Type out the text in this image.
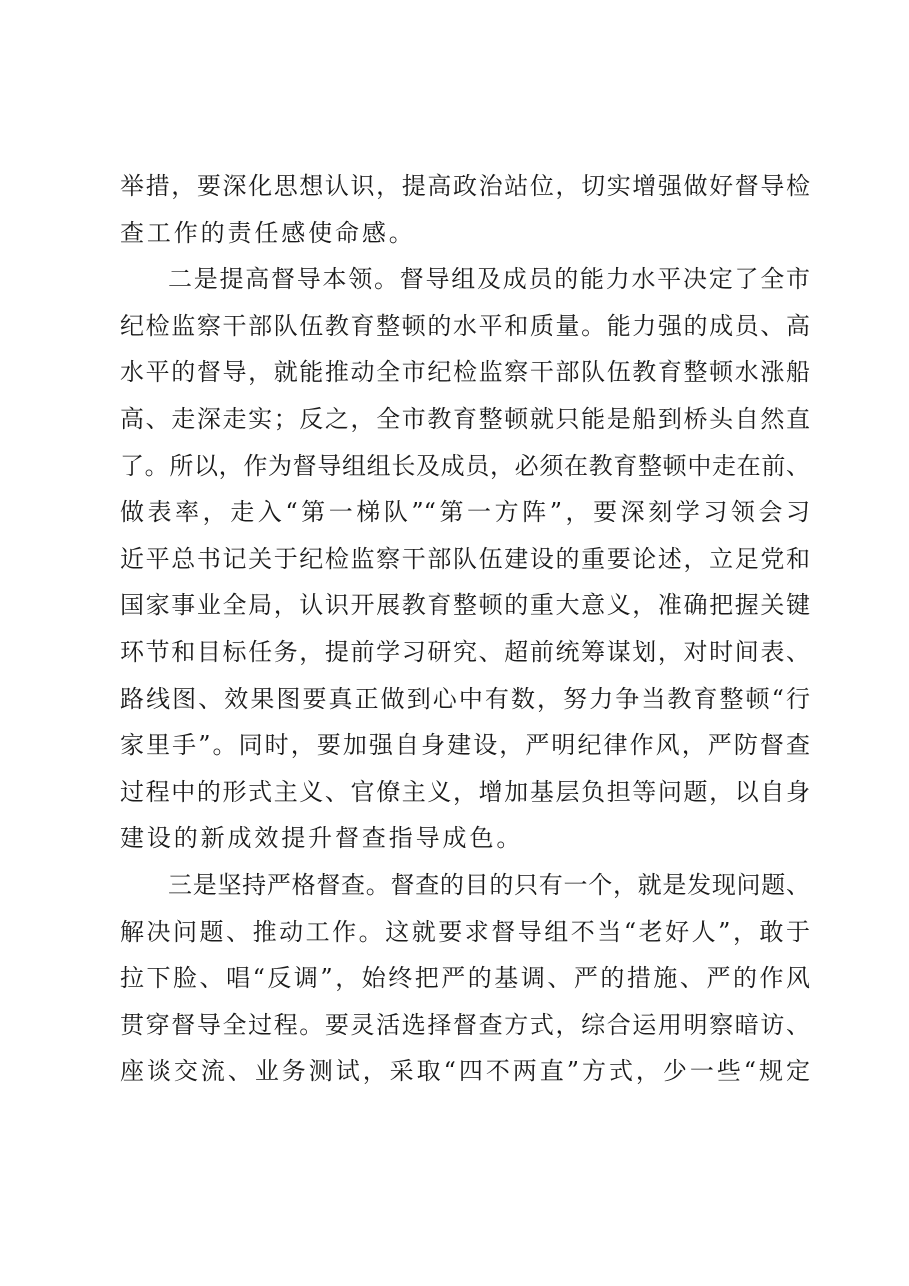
举措，要深化思想认识，提高政治站位，切实增强做好督导检
查工作的责任感使命感。
二是提高督导本领。督导组及成员的能力水平决定了全市
纪检监察干部队伍教育整顿的水平和质量。能力强的成员、高
水平的督导，就能推动全市纪检监察干部队伍教育整顿水涨船
高、走深走实；反之，全市教育整顿就只能是船到桥头自然直
了。所以，作为督导组组长及成员，必须在教育整顿中走在前、
做表率，走入“第一梯队”“第一方阵”，要深刻学习领会习
近平总书记关于纪检监察干部队伍建设的重要论述，立足党和
国家事业全局，认识开展教育整顿的重大意义，准确把握关键
环节和目标任务，提前学习研究、超前统筹谋划，对时间表、
路线图、效果图要真正做到心中有数，努力争当教育整顿“行
家里手”。同时，要加强自身建设，严明纪律作风，严防督查
过程中的形式主义、官僚主义，增加基层负担等问题，以自身
建设的新成效提升督查指导成色。
三是坚持严格督查。督查的目的只有一个，就是发现问题、
解决问题、推动工作。这就要求督导组不当“老好人”，敢于
拉下脸、唱“反调”，始终把严的基调、严的措施、严的作风
贯穿督导全过程。要灵活选择督查方式，综合运用明察暗访、
座谈交流、业务测试，采取“四不两直”方式，少一些“规定
